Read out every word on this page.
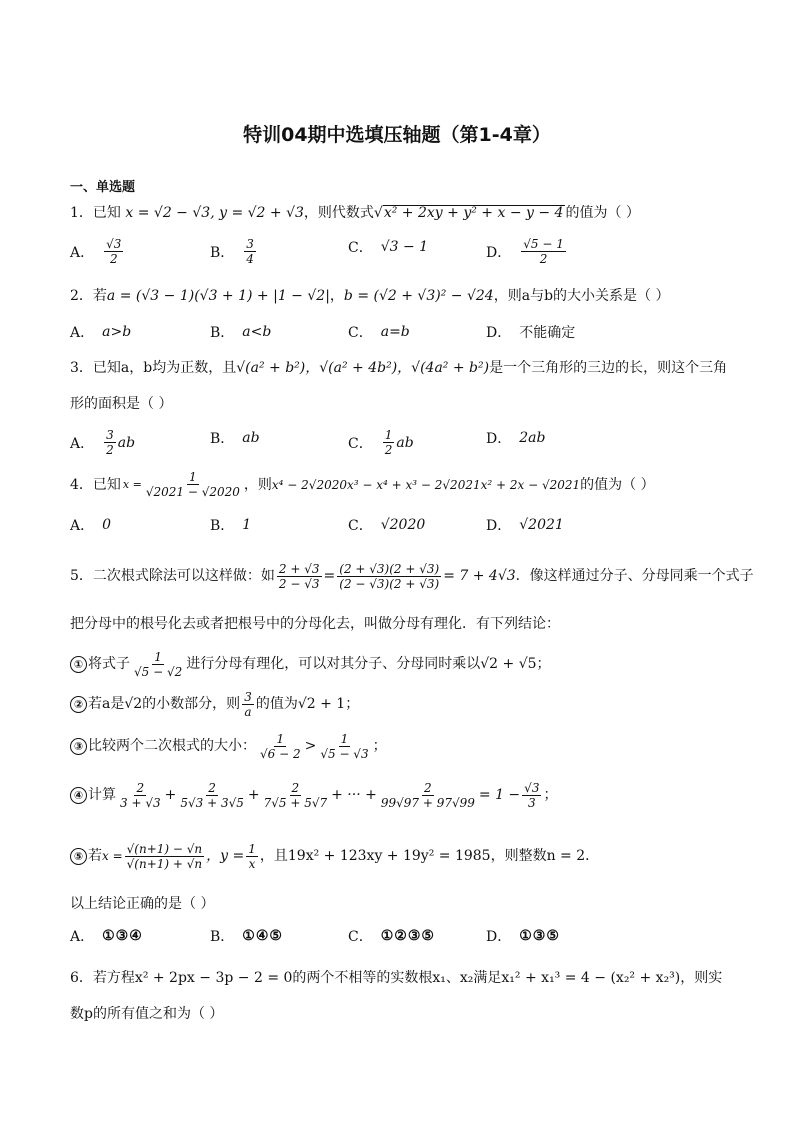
特训04期中选填压轴题（第1-4章）
一、单选题
1．已知 x = √2 − √3, y = √2 + √3，则代数式√ x² + 2xy + y² + x − y − 4 的值为（ ）
A． $\frac{√3}{2}$	B． $\frac{3}{4}$	C． √3 − 1	D． $\frac{√5 - 1}{2}$
2．若a = (√3 − 1)(√3 + 1) + |1 − √2|，b = (√2 + √3)² − √24，则a与b的大小关系是（ ）
A． a>b	B． a<b	C． a=b	D． 不能确定
3．已知a，b均为正数，且√(a² + b²)，√(a² + 4b²)，√(4a² + b²)是一个三角形的三边的长，则这个三角形的面积是（ ）
A． $\frac{3}{2}$ ab	B． ab	C． $\frac{1}{2}$ ab	D． 2ab
4． 已知 $x = \frac{1}{√2021 - √2020}$ ，则 x⁴ − 2√2020x³ − x⁴ + x³ − 2√2021x² + 2x − √2021 的值为（ ）
A． 0	B． 1	C． √2020	D． √2021
5． 二次根式除法可以这样做：如 $\frac{2 + √3}{2 - √3} = \frac{(2 + √3)(2 + √3)}{(2 - √3)(2 + √3)} = 7 + 4√3$ ．像这样通过分子、分母同乘一个式子
把分母中的根号化去或者把根号中的分母化去，叫做分母有理化．有下列结论：
① 将式子 $\frac{1}{√5 - √2}$ 进行分母有理化，可以对其分子、分母同时乘以√2 + √5；
② 若a是√2的小数部分，则 $\frac{3}{a}$ 的值为√2 + 1；
③ 比较两个二次根式的大小： $\frac{1}{√6 - 2} > \frac{1}{√5 - √3}$ ；
④ 计算 $\frac{2}{3 + √3} + \frac{2}{5√3 + 3√5} + \frac{2}{7√5 + 5√7}$ + ··· + $\frac{2}{99√97 + 97√99} = 1 - \frac{√3}{3}$ ；
⑤ 若 $x = \frac{√(n+1) - √n}{√(n+1) + √n}$ ，$y = \frac{1}{x}$ ，且19x² + 123xy + 19y² = 1985，则整数n = 2．
以上结论正确的是（ ）
A． ①③④	B． ①④⑤	C． ①②③⑤	D． ①③⑤
6．若方程x² + 2px − 3p − 2 = 0的两个不相等的实数根x₁、x₂满足x₁² + x₁³ = 4 − (x₂² + x₂³)，则实数p的所有值之和为（ ）
